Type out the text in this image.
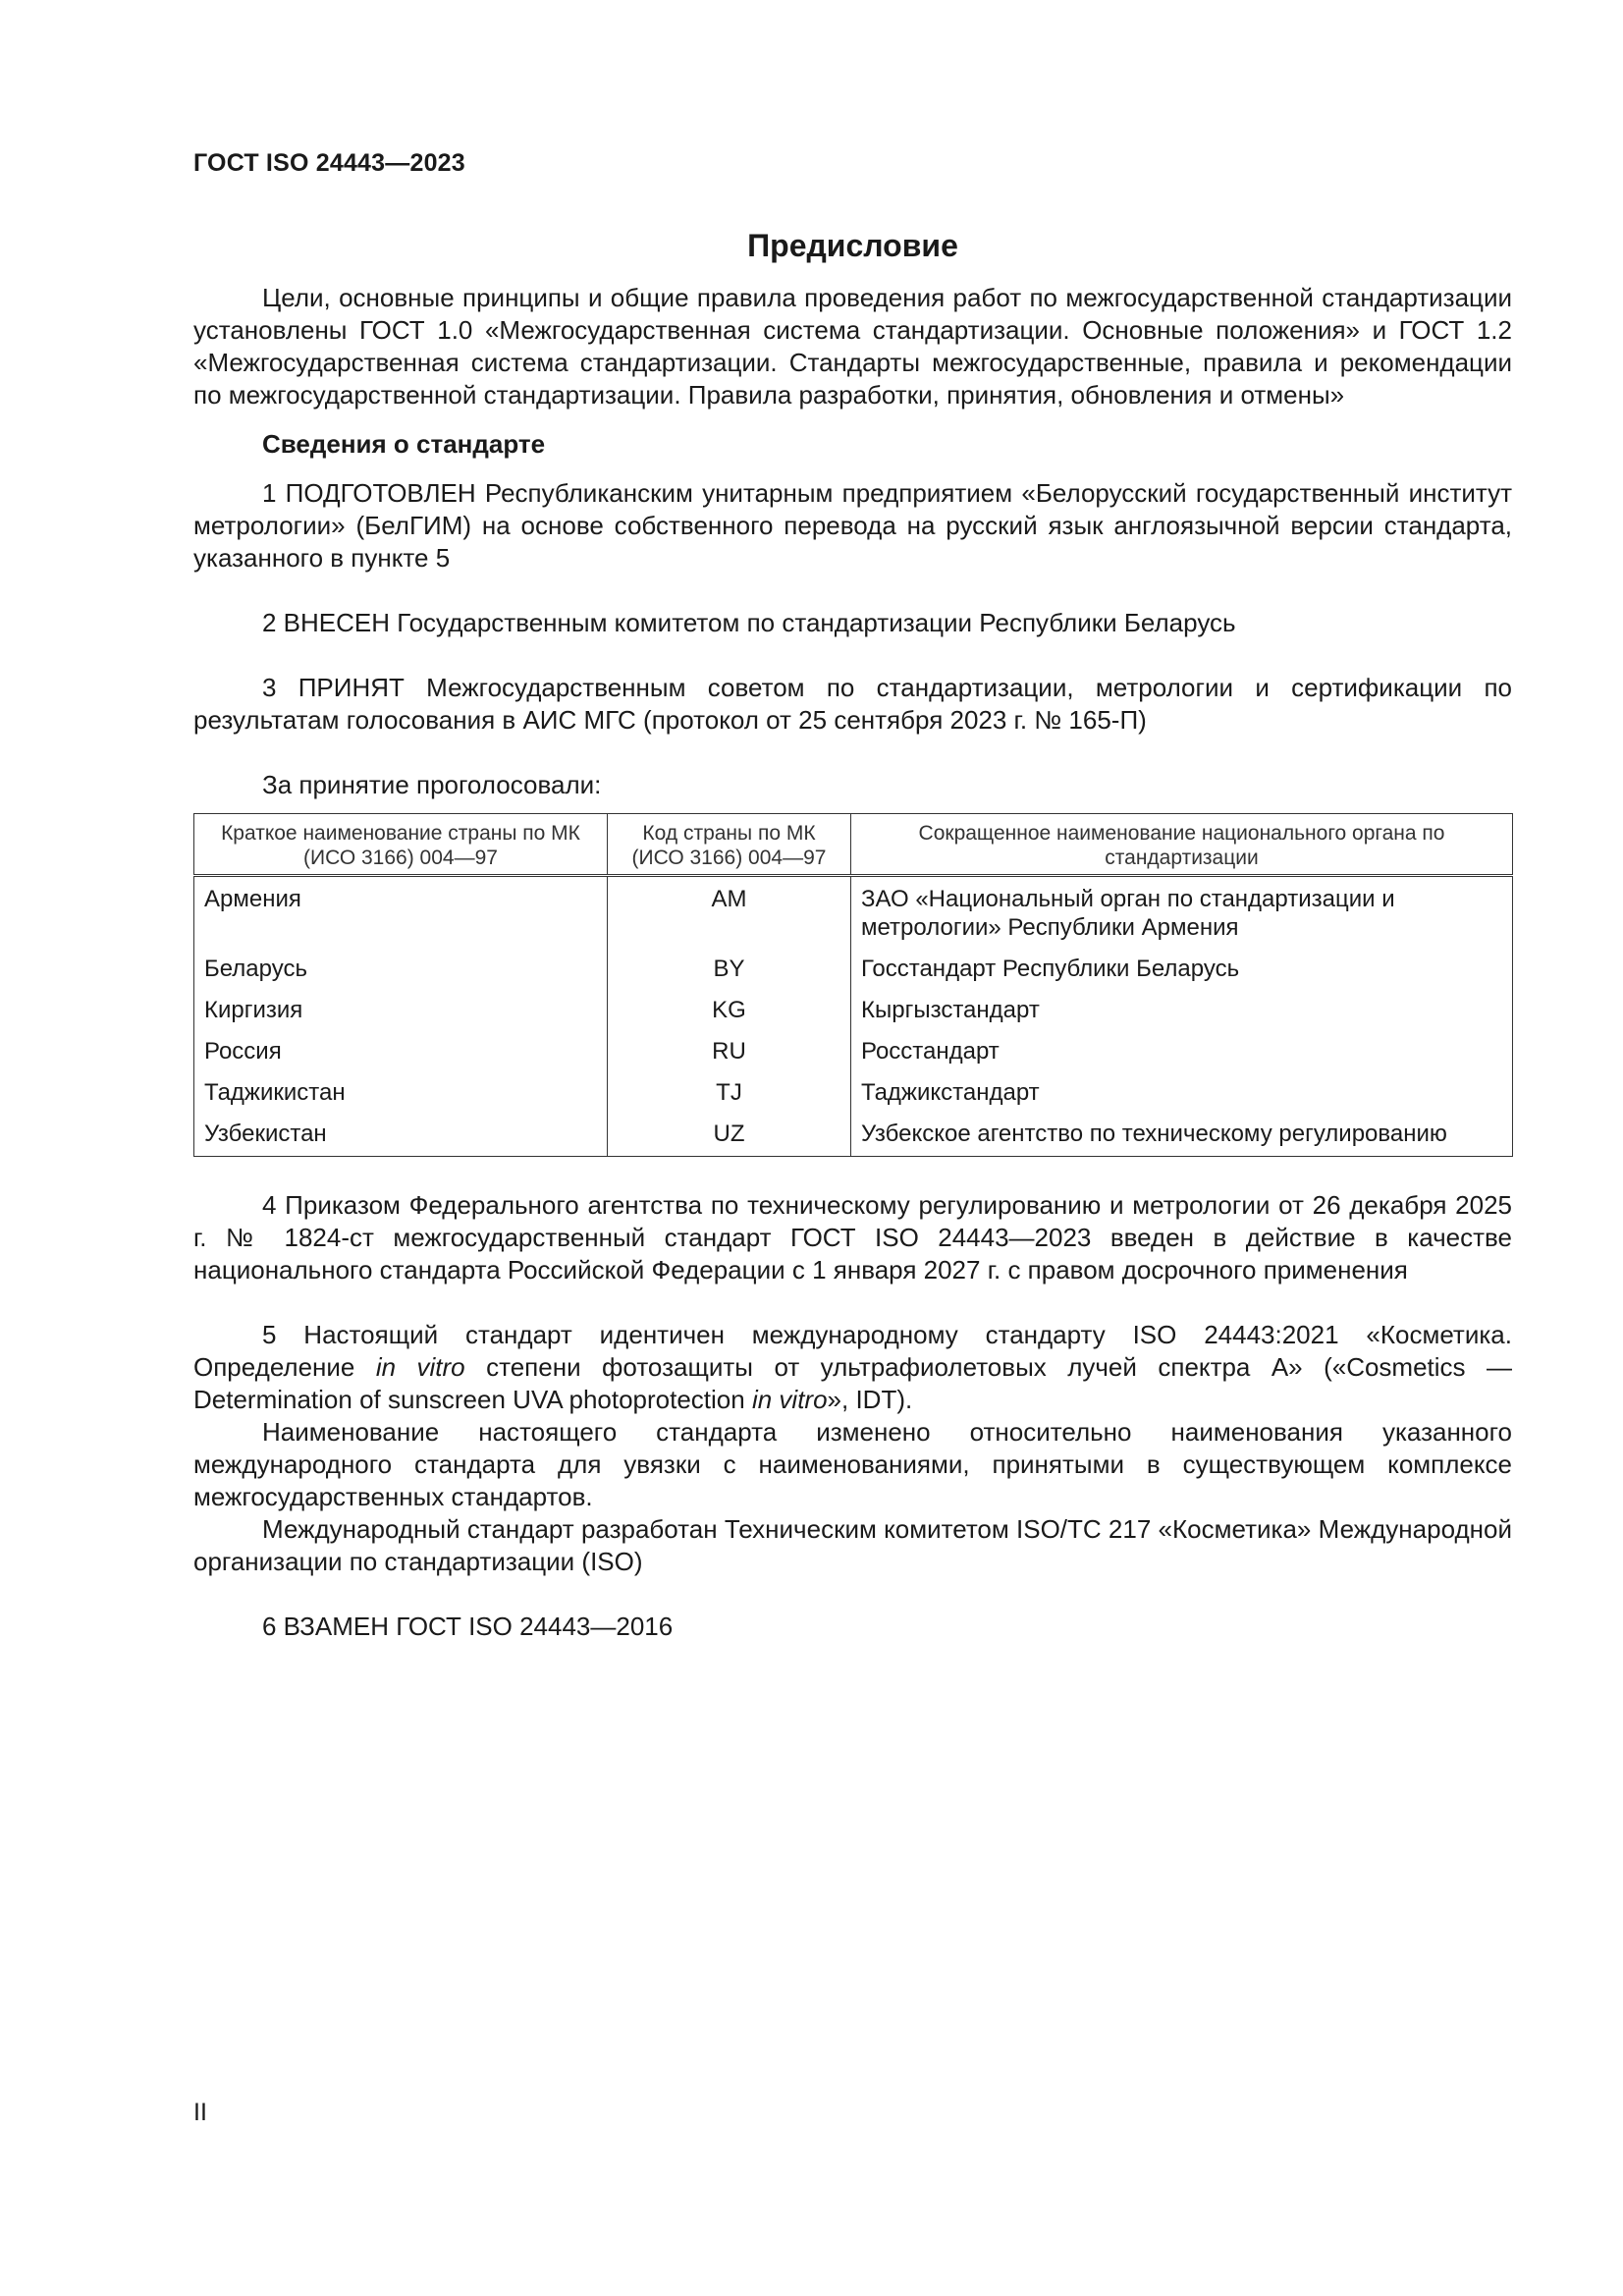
ГОСТ ISO 24443—2023
Предисловие

Цели, основные принципы и общие правила проведения работ по межгосударственной стандартизации установлены ГОСТ 1.0 «Межгосударственная система стандартизации. Основные положения» и ГОСТ 1.2 «Межгосударственная система стандартизации. Стандарты межгосударственные, правила и рекомендации по межгосударственной стандартизации. Правила разработки, принятия, обновления и отмены»

Сведения о стандарте

1 ПОДГОТОВЛЕН Республиканским унитарным предприятием «Белорусский государственный институт метрологии» (БелГИМ) на основе собственного перевода на русский язык англоязычной версии стандарта, указанного в пункте 5

2 ВНЕСЕН Государственным комитетом по стандартизации Республики Беларусь

3 ПРИНЯТ Межгосударственным советом по стандартизации, метрологии и сертификации по результатам голосования в АИС МГС (протокол от 25 сентября 2023 г. № 165-П)

За принятие проголосовали:
Краткое наименование страны по МК (ИСО 3166) 004—97	Код страны по МК (ИСО 3166) 004—97	Сокращенное наименование национального органа по стандартизации
Армения	AM	ЗАО «Национальный орган по стандартизации и метрологии» Республики Армения
Беларусь	BY	Госстандарт Республики Беларусь
Киргизия	KG	Кыргызстандарт
Россия	RU	Росстандарт
Таджикистан	TJ	Таджикстандарт
Узбекистан	UZ	Узбекское агентство по техническому регулированию

4 Приказом Федерального агентства по техническому регулированию и метрологии от 26 декабря 2025 г. № 1824-ст межгосударственный стандарт ГОСТ ISO 24443—2023 введен в действие в качестве национального стандарта Российской Федерации с 1 января 2027 г. с правом досрочного применения

5 Настоящий стандарт идентичен международному стандарту ISO 24443:2021 «Косметика. Определение in vitro степени фотозащиты от ультрафиолетовых лучей спектра А» («Cosmetics — Determination of sunscreen UVA photoprotection in vitro», IDT).

Наименование настоящего стандарта изменено относительно наименования указанного международного стандарта для увязки с наименованиями, принятыми в существующем комплексе межгосударственных стандартов.

Международный стандарт разработан Техническим комитетом ISO/TC 217 «Косметика» Международной организации по стандартизации (ISO)

6 ВЗАМЕН ГОСТ ISO 24443—2016

II
